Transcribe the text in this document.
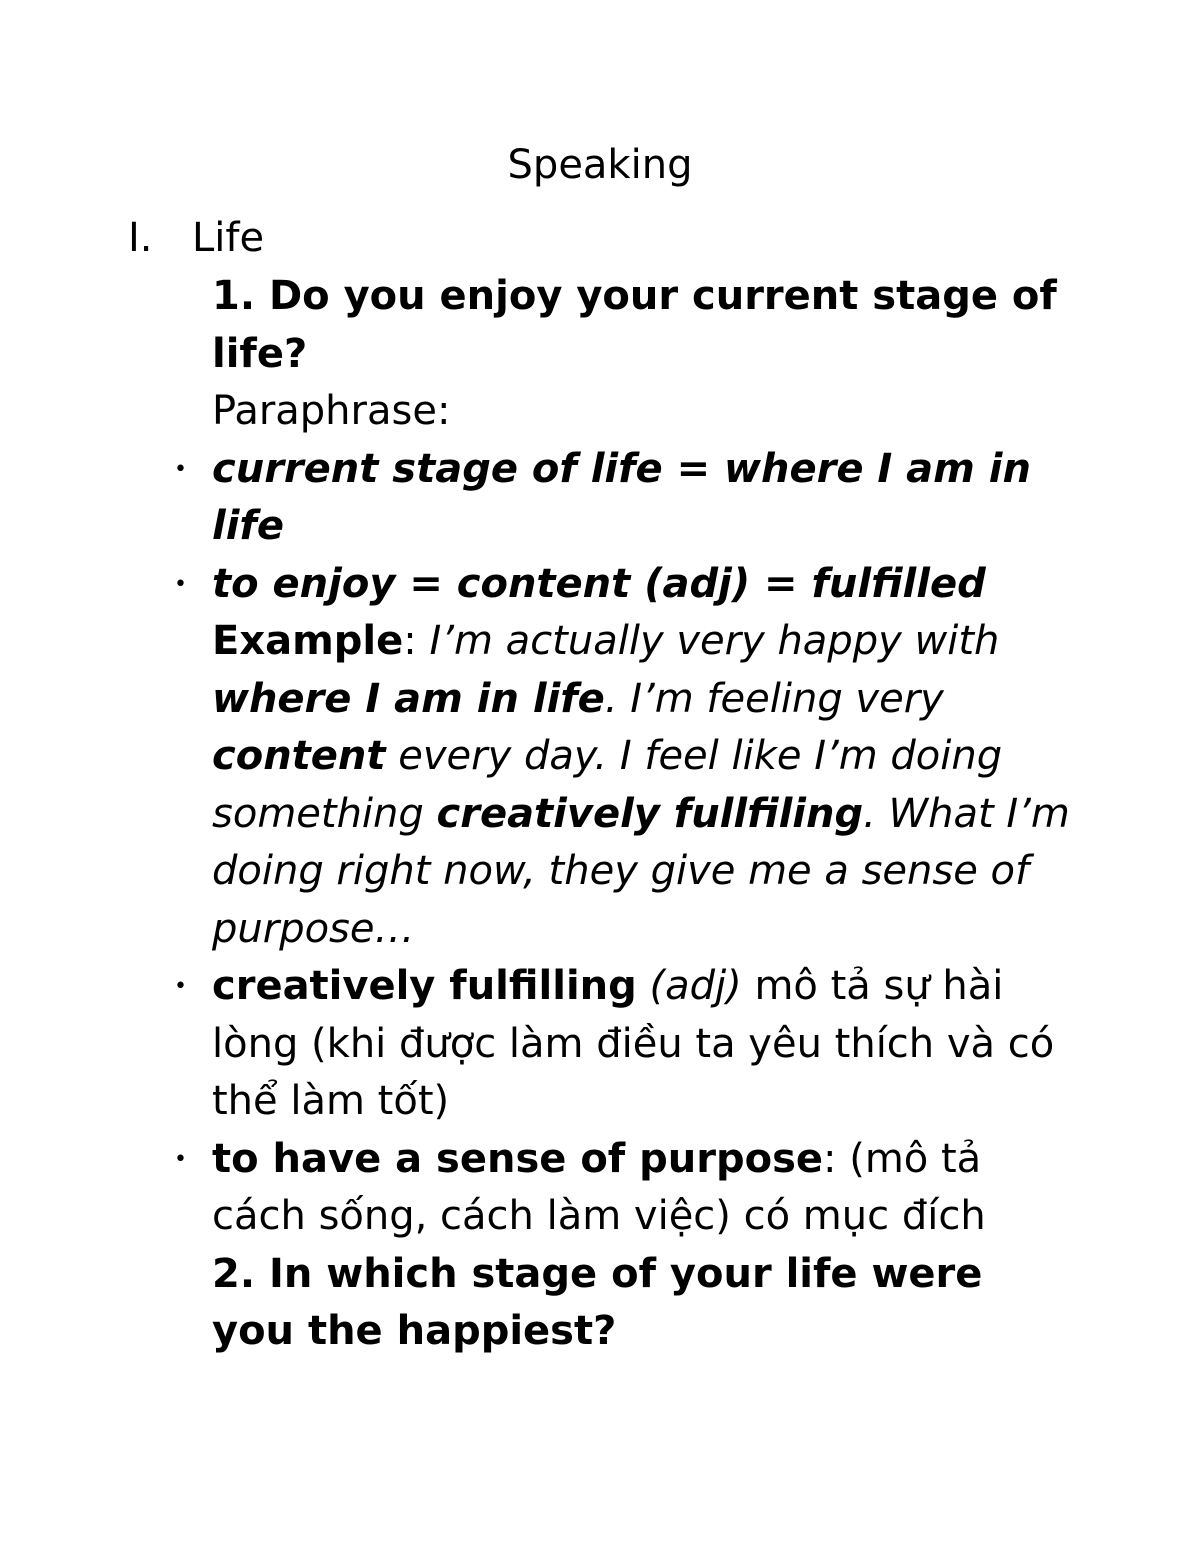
Speaking
I. Life

1. Do you enjoy your current stage of life?

Paraphrase:

• current stage of life = where I am in life

• to enjoy = content (adj) = fulfilled

Example: I’m actually very happy with where I am in life. I’m feeling very content every day. I feel like I’m doing something creatively fullfiling. What I’m doing right now, they give me a sense of purpose…

• creatively fulfilling (adj) mô tả sự hài lòng (khi được làm điều ta yêu thích và có thể làm tốt)

• to have a sense of purpose: (mô tả cách sống, cách làm việc) có mục đích

2. In which stage of your life were you the happiest?
